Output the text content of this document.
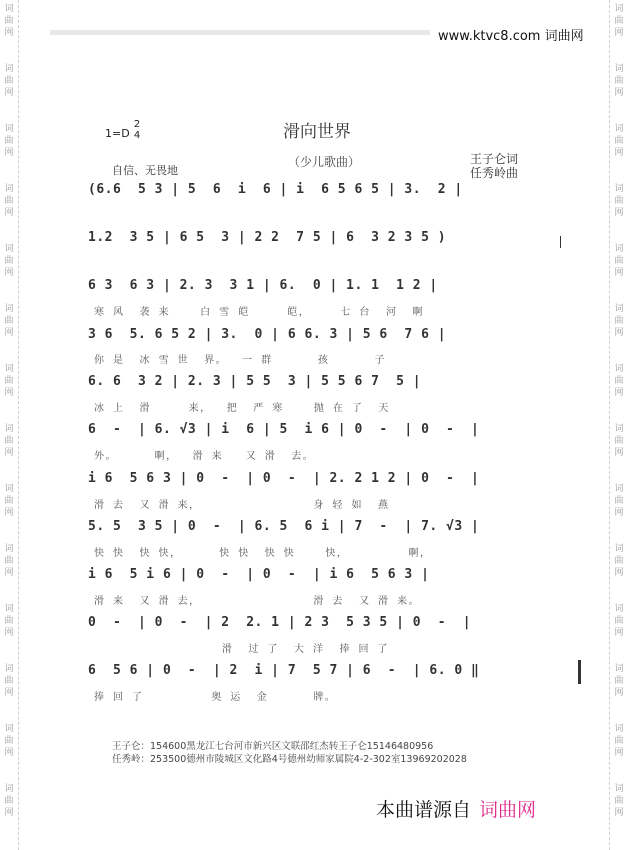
词
曲
网
词
曲
网
词
曲
网
词
曲
网
词
曲
网
词
曲
网
词
曲
网
词
曲
网
词
曲
网
词
曲
网
词
曲
网
词
曲
网
词
曲
网
词
曲
网
词
曲
网
词
曲
网
词
曲
网
词
曲
网
词
曲
网
词
曲
网
词
曲
网
词
曲
网
词
曲
网
词
曲
网
词
曲
网
词
曲
网
词
曲
网
词
曲
网
www.ktvc8.com 词曲网
1=D
2
4	滑向世界
（少儿歌曲）
自信、无畏地
王子仑词
任秀岭曲
(6.6  5 3 | 5  6  i  6 | i  6 5 6 5 | 3.  2 |
1.2  3 5 | 6 5  3 | 2 2  7 5 | 6  3 2 3 5 )
6 3  6 3 | 2. 3  3 1 | 6.  0 | 1. 1  1 2 |
寒 风  袭 来    白 雪 皑     皑，    七 台  河  啊
3 6  5. 6 5 2 | 3.  0 | 6 6. 3 | 5 6  7 6 |
你 是  冰 雪 世  界。  一 群      孩      子
6. 6  3 2 | 2. 3 | 5 5  3 | 5 5 6 7  5 |
冰 上  滑     来，  把  严 寒    抛 在 了  天
6  -  | 6. √3 | i  6 | 5  i 6 | 0  -  | 0  -  |
外。     啊，  滑 来   又 滑  去。
i 6  5 6 3 | 0  -  | 0  -  | 2. 2 1 2 | 0  -  |
滑 去  又 滑 来，               身 轻 如  燕
5. 5  3 5 | 0  -  | 6. 5  6 i | 7  -  | 7. √3 |
快 快  快 快，     快 快  快 快    快，        啊，
i 6  5 i 6 | 0  -  | 0  -  | i 6  5 6 3 |
滑 来  又 滑 去，               滑 去  又 滑 来。
0  -  | 0  -  | 2  2. 1 | 2 3  5 3 5 | 0  -  |
滑  过 了  大 洋  捧 回 了
6  5 6 | 0  -  | 2  i | 7  5 7 | 6  -  | 6. 0 ‖
捧 回 了         奥 运  金      牌。
王子仑：154600黑龙江七台河市新兴区文联邵红杰转王子仑15146480956
任秀岭：253500德州市陵城区文化路4号德州幼师家属院4-2-302室13969202028
本曲谱源自 词曲网
